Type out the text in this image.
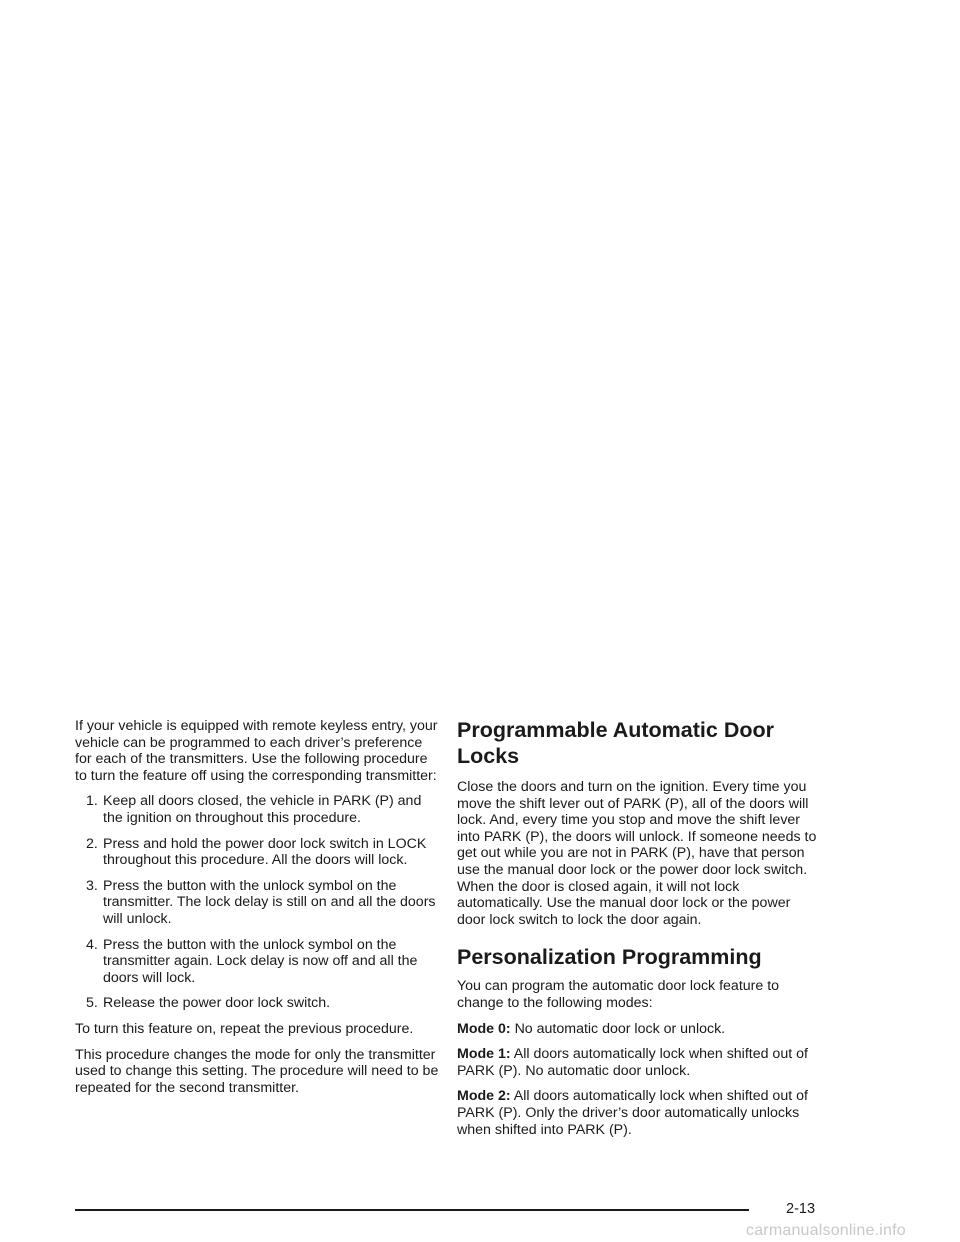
If your vehicle is equipped with remote keyless entry, your vehicle can be programmed to each driver’s preference for each of the transmitters. Use the following procedure to turn the feature off using the corresponding transmitter:

1. Keep all doors closed, the vehicle in PARK (P) and the ignition on throughout this procedure.
2. Press and hold the power door lock switch in LOCK throughout this procedure. All the doors will lock.
3. Press the button with the unlock symbol on the transmitter. The lock delay is still on and all the doors will unlock.
4. Press the button with the unlock symbol on the transmitter again. Lock delay is now off and all the doors will lock.
5. Release the power door lock switch.

To turn this feature on, repeat the previous procedure.

This procedure changes the mode for only the transmitter used to change this setting. The procedure will need to be repeated for the second transmitter.

Programmable Automatic Door Locks

Close the doors and turn on the ignition. Every time you move the shift lever out of PARK (P), all of the doors will lock. And, every time you stop and move the shift lever into PARK (P), the doors will unlock. If someone needs to get out while you are not in PARK (P), have that person use the manual door lock or the power door lock switch. When the door is closed again, it will not lock automatically. Use the manual door lock or the power door lock switch to lock the door again.

Personalization Programming

You can program the automatic door lock feature to change to the following modes:

Mode 0: No automatic door lock or unlock.

Mode 1: All doors automatically lock when shifted out of PARK (P). No automatic door unlock.

Mode 2: All doors automatically lock when shifted out of PARK (P). Only the driver’s door automatically unlocks when shifted into PARK (P).

2-13
carmanualsonline.info
